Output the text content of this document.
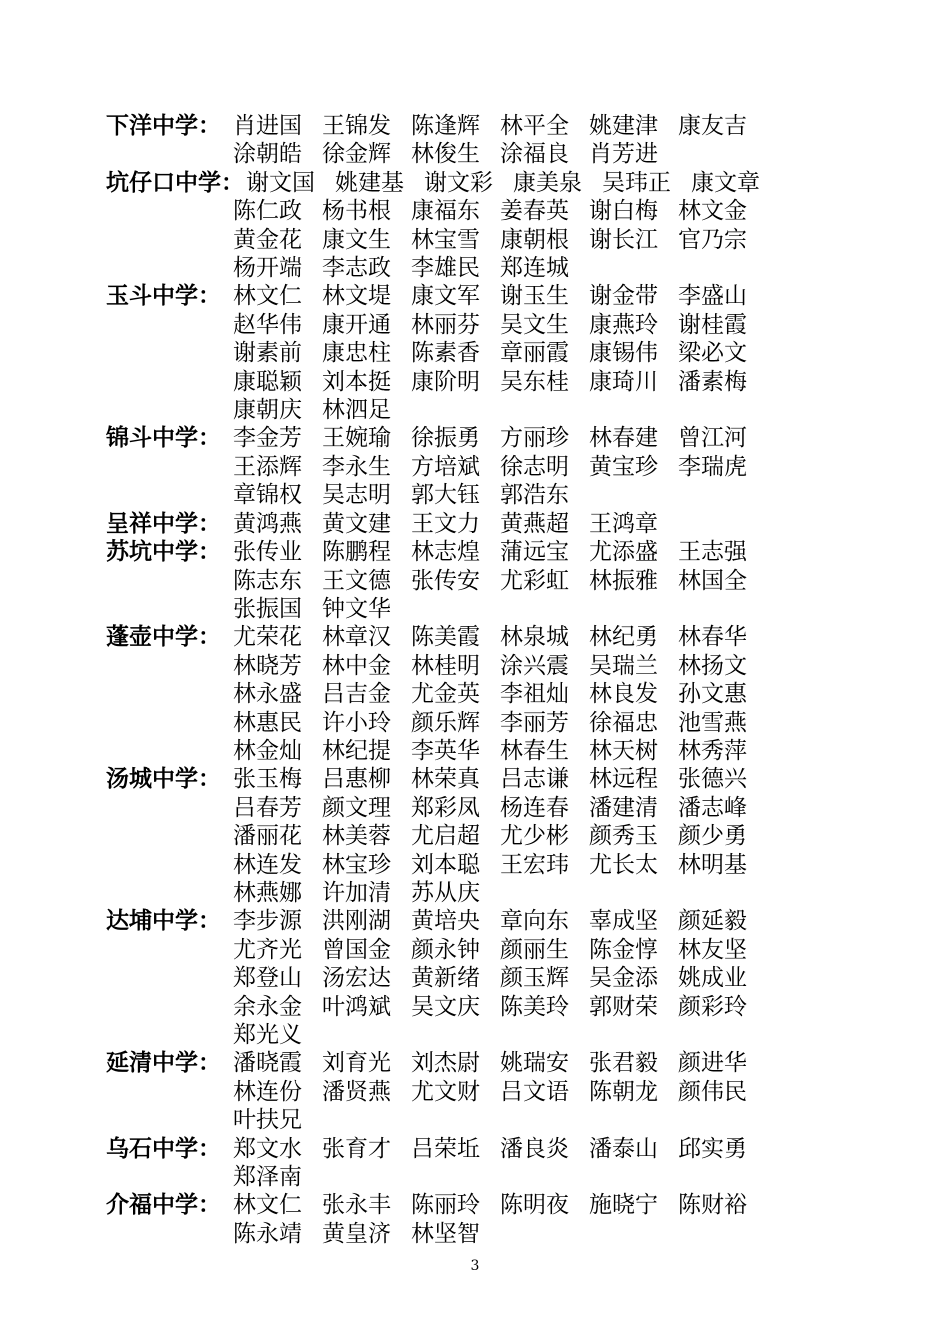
下洋中学： 肖进国 王锦发 陈逢辉 林平全 姚建津 康友吉
涂朝皓 徐金辉 林俊生 涂福良 肖芳进
坑仔口中学： 谢文国 姚建基 谢文彩 康美泉 吴玮正 康文章
陈仁政 杨书根 康福东 姜春英 谢白梅 林文金
黄金花 康文生 林宝雪 康朝根 谢长江 官乃宗
杨开端 李志政 李雄民 郑连城
玉斗中学： 林文仁 林文堤 康文军 谢玉生 谢金带 李盛山
赵华伟 康开通 林丽芬 吴文生 康燕玲 谢桂霞
谢素前 康忠柱 陈素香 章丽霞 康锡伟 梁必文
康聪颖 刘本挺 康阶明 吴东桂 康琦川 潘素梅
康朝庆 林泗足
锦斗中学： 李金芳 王婉瑜 徐振勇 方丽珍 林春建 曾江河
王添辉 李永生 方培斌 徐志明 黄宝珍 李瑞虎
章锦权 吴志明 郭大钰 郭浩东
呈祥中学： 黄鸿燕 黄文建 王文力 黄燕超 王鸿章
苏坑中学： 张传业 陈鹏程 林志煌 蒲远宝 尤添盛 王志强
陈志东 王文德 张传安 尤彩虹 林振雅 林国全
张振国 钟文华
蓬壶中学： 尤荣花 林章汉 陈美霞 林泉城 林纪勇 林春华
林晓芳 林中金 林桂明 涂兴震 吴瑞兰 林扬文
林永盛 吕吉金 尤金英 李祖灿 林良发 孙文惠
林惠民 许小玲 颜乐辉 李丽芳 徐福忠 池雪燕
林金灿 林纪提 李英华 林春生 林天树 林秀萍
汤城中学： 张玉梅 吕惠柳 林荣真 吕志谦 林远程 张德兴
吕春芳 颜文理 郑彩凤 杨连春 潘建清 潘志峰
潘丽花 林美蓉 尤启超 尤少彬 颜秀玉 颜少勇
林连发 林宝珍 刘本聪 王宏玮 尤长太 林明基
林燕娜 许加清 苏从庆
达埔中学： 李步源 洪刚湖 黄培央 章向东 辜成坚 颜延毅
尤齐光 曾国金 颜永钟 颜丽生 陈金惇 林友坚
郑登山 汤宏达 黄新绪 颜玉辉 吴金添 姚成业
余永金 叶鸿斌 吴文庆 陈美玲 郭财荣 颜彩玲
郑光义
延清中学： 潘晓霞 刘育光 刘杰尉 姚瑞安 张君毅 颜进华
林连份 潘贤燕 尤文财 吕文语 陈朝龙 颜伟民
叶扶兄
乌石中学： 郑文水 张育才 吕荣坵 潘良炎 潘泰山 邱实勇
郑泽南
介福中学： 林文仁 张永丰 陈丽玲 陈明夜 施晓宁 陈财裕
陈永靖 黄皇济 林坚智
3
